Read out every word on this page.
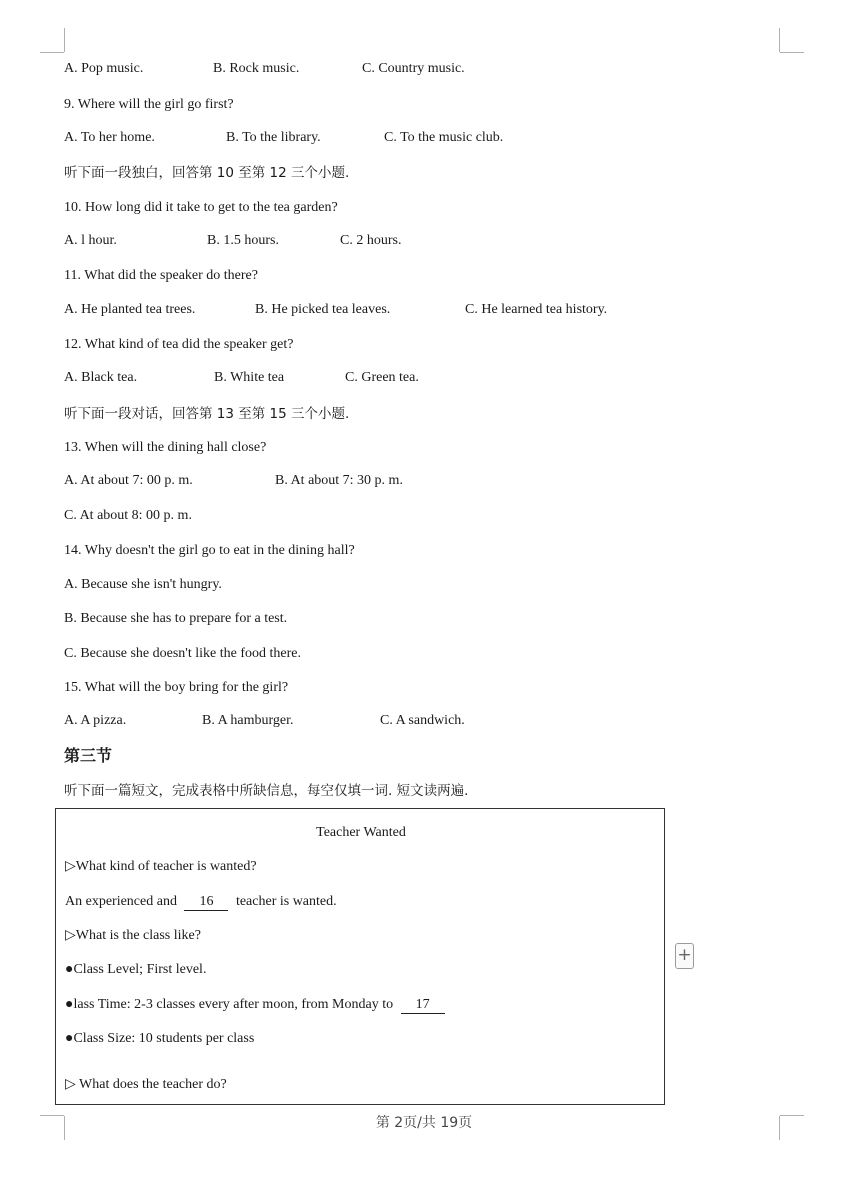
A. Pop music.	B. Rock music.	C. Country music.
9. Where will the girl go first?
A. To her home.	B. To the library.	C. To the music club.
听下面一段独白，回答第 10 至第 12 三个小题.
10. How long did it take to get to the tea garden?
A. l hour.	B. 1.5 hours.	C. 2 hours.
11. What did the speaker do there?
A. He planted tea trees.	B. He picked tea leaves.	C. He learned tea history.
12. What kind of tea did the speaker get?
A. Black tea.	B. White tea	C. Green tea.
听下面一段对话，回答第 13 至第 15 三个小题.
13. When will the dining hall close?
A. At about 7: 00 p. m.	B. At about 7: 30 p. m.
C. At about 8: 00 p. m.
14. Why doesn't the girl go to eat in the dining hall?
A. Because she isn't hungry.
B. Because she has to prepare for a test.
C. Because she doesn't like the food there.
15. What will the boy bring for the girl?
A. A pizza.	B. A hamburger.	C. A sandwich.
第三节
听下面一篇短文，完成表格中所缺信息，每空仅填一词. 短文读两遍.
Teacher Wanted
▷What kind of teacher is wanted?
An experienced and 16 teacher is wanted.
▷What is the class like?
●Class Level; First level.
●lass Time: 2-3 classes every after moon, from Monday to 17
●Class Size: 10 students per class
▷ What does the teacher do?
+
第 2页/共 19页
